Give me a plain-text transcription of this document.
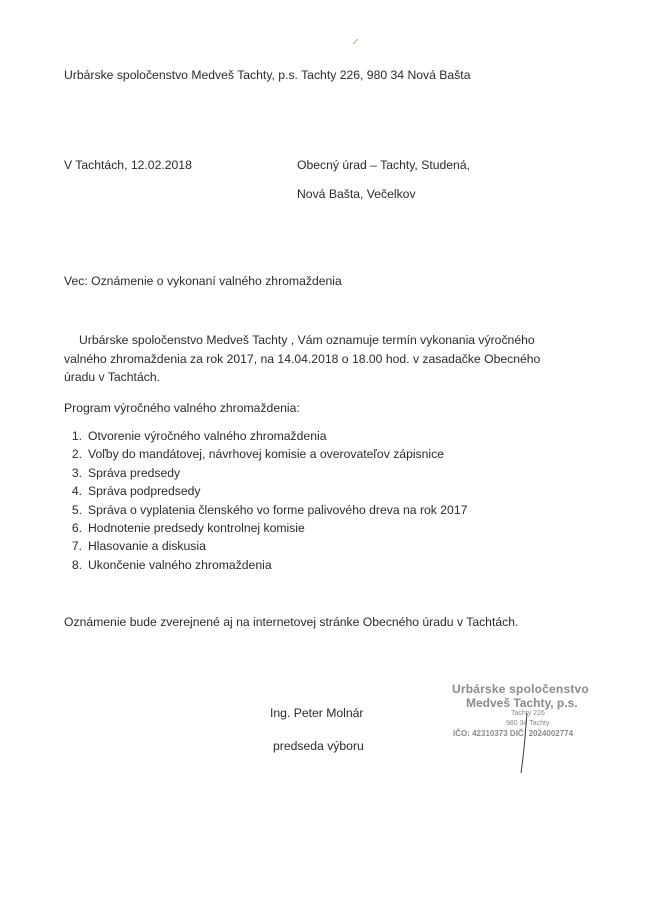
Urbárske spoločenstvo Medveš Tachty, p.s. Tachty 226, 980 34 Nová Bašta
V Tachtách, 12.02.2018	Obecný úrad – Tachty, Studená,
Nová Bašta, Večelkov
Vec: Oznámenie o vykonaní valného zhromaždenia
Urbárske spoločenstvo Medveš Tachty , Vám oznamuje termín vykonania výročného valného zhromaždenia za rok 2017, na 14.04.2018 o 18.00 hod. v zasadačke Obecného úradu v Tachtách.
Program výročného valného zhromaždenia:
1. Otvorenie výročného valného zhromaždenia
2. Voľby do mandátovej, návrhovej komisie a overovateľov zápisnice
3. Správa predsedy
4. Správa podpredsedy
5. Správa o vyplatenia členského vo forme palivového dreva na rok 2017
6. Hodnotenie predsedy kontrolnej komisie
7. Hlasovanie a diskusia
8. Ukončenie valného zhromaždenia
Oznámenie bude zverejnené aj na internetovej stránke Obecného úradu v Tachtách.
Ing. Peter Molnár
predseda výboru
Urbárske spoločenstvo
Medveš Tachty, p.s.
Tachty 226
980 34 Tachty
IČO: 42310373 DIČ: 2024002774
